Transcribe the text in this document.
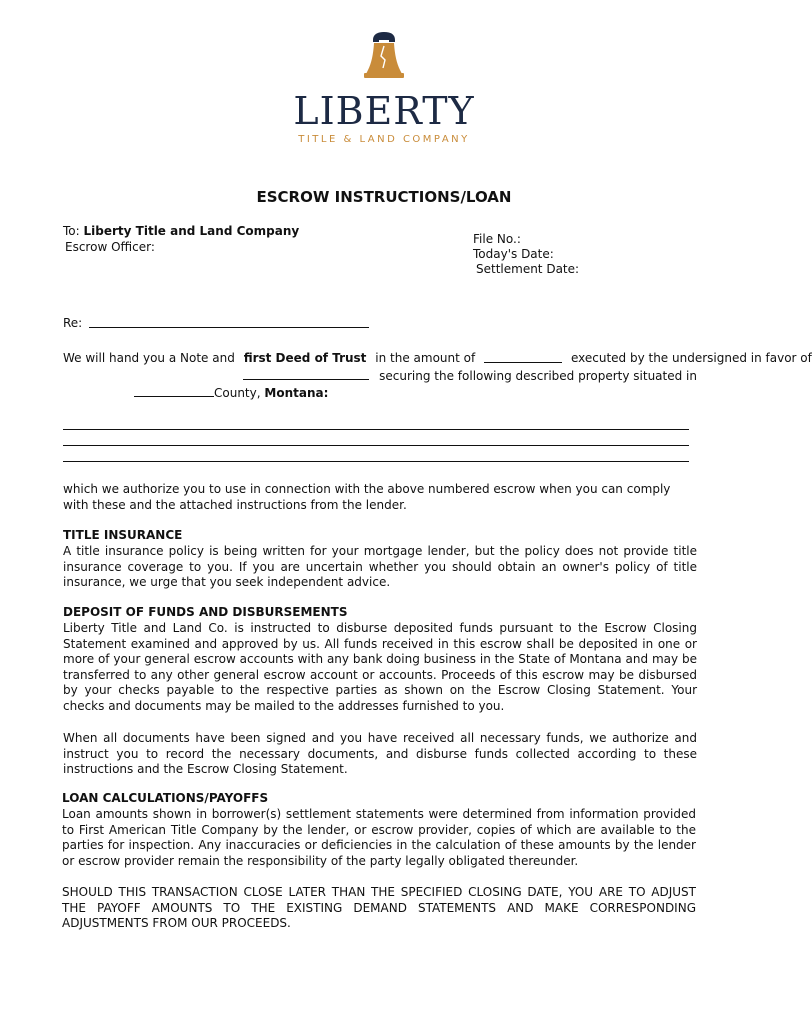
LIBERTY
TITLE & LAND COMPANY
ESCROW INSTRUCTIONS/LOAN
To: Liberty Title and Land Company
Escrow Officer:
File No.:
Today's Date:
Settlement Date:
Re:
We will hand you a Note and first Deed of Trust in the amount of	executed by the undersigned in favor of
securing the following described property situated in
County, Montana:
which we authorize you to use in connection with the above numbered escrow when you can comply with these and the attached instructions from the lender.
TITLE INSURANCE
A title insurance policy is being written for your mortgage lender, but the policy does not provide title insurance coverage to you. If you are uncertain whether you should obtain an owner's policy of title insurance, we urge that you seek independent advice.
DEPOSIT OF FUNDS AND DISBURSEMENTS
Liberty Title and Land Co. is instructed to disburse deposited funds pursuant to the Escrow Closing Statement examined and approved by us. All funds received in this escrow shall be deposited in one or more of your general escrow accounts with any bank doing business in the State of Montana and may be transferred to any other general escrow account or accounts. Proceeds of this escrow may be disbursed by your checks payable to the respective parties as shown on the Escrow Closing Statement. Your checks and documents may be mailed to the addresses furnished to you.
When all documents have been signed and you have received all necessary funds, we authorize and instruct you to record the necessary documents, and disburse funds collected according to these instructions and the Escrow Closing Statement.
LOAN CALCULATIONS/PAYOFFS
Loan amounts shown in borrower(s) settlement statements were determined from information provided to First American Title Company by the lender, or escrow provider, copies of which are available to the parties for inspection. Any inaccuracies or deficiencies in the calculation of these amounts by the lender or escrow provider remain the responsibility of the party legally obligated thereunder.
SHOULD THIS TRANSACTION CLOSE LATER THAN THE SPECIFIED CLOSING DATE, YOU ARE TO ADJUST THE PAYOFF AMOUNTS TO THE EXISTING DEMAND STATEMENTS AND MAKE CORRESPONDING ADJUSTMENTS FROM OUR PROCEEDS.
